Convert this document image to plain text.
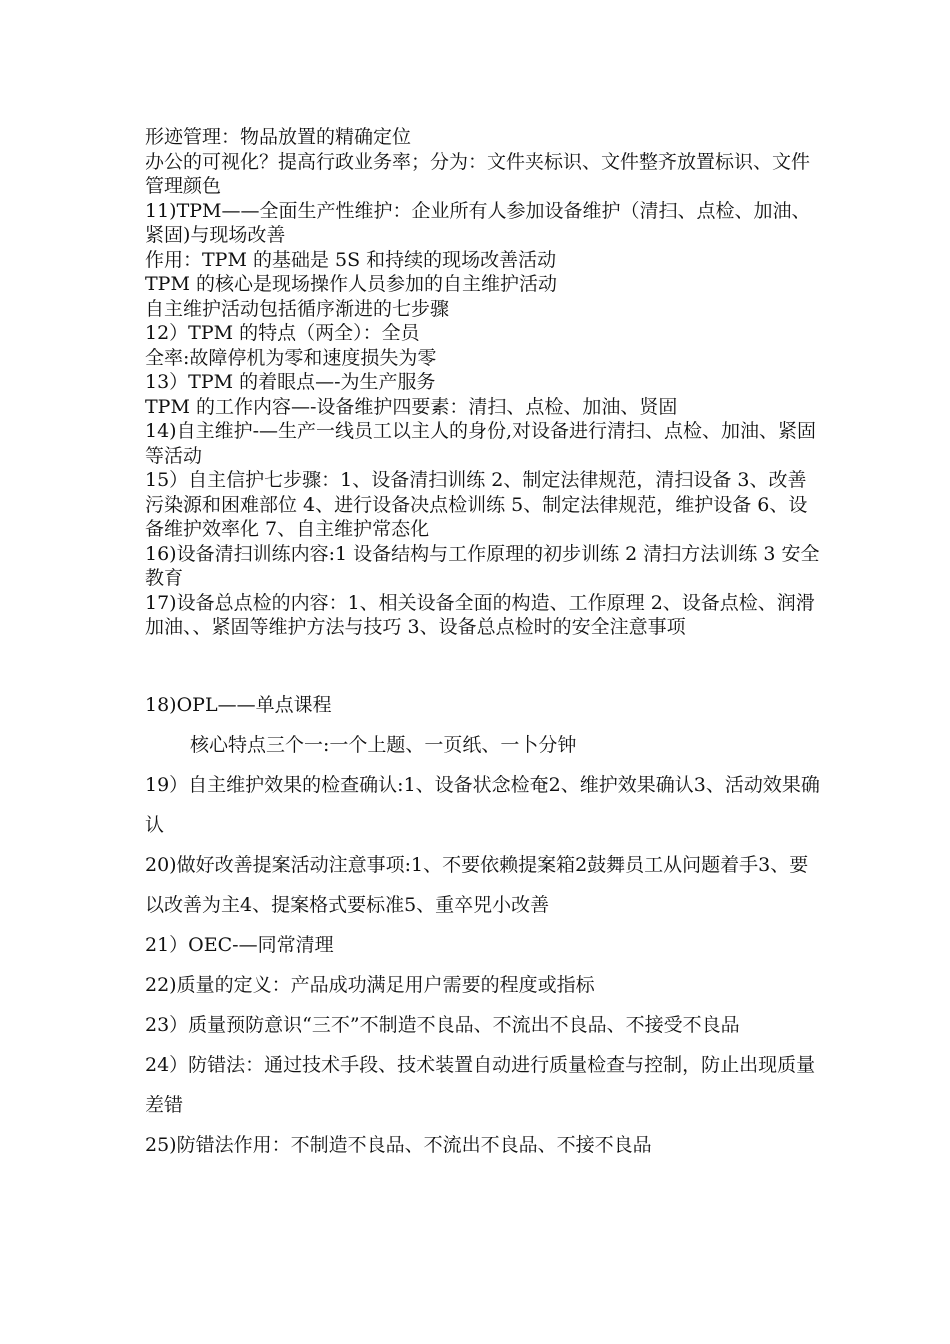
形迹管理：物品放置的精确定位

办公的可视化？提高行政业务率；分为：文件夹标识、文件整齐放置标识、文件管理颜色

11)TPM——全面生产性维护：企业所有人参加设备维护（清扫、点检、加油、紧固)与现场改善

作用：TPM 的基础是 5S 和持续的现场改善活动

TPM 的核心是现场操作人员参加的自主维护活动

自主维护活动包括循序渐进的七步骤

12）TPM 的特点（两全）：全员

全率:故障停机为零和速度损失为零

13）TPM 的着眼点—-为生产服务

TPM 的工作内容—-设备维护四要素：清扫、点检、加油、贤固

14)自主维护-—生产一线员工以主人的身份,对设备进行清扫、点检、加油、紧固等活动

15）自主信护七步骤：1、设备清扫训练 2、制定法律规范，清扫设备 3、改善污染源和困难部位 4、进行设备决点检训练 5、制定法律规范，维护设备 6、设备维护效率化 7、自主维护常态化

16)设备清扫训练内容:1 设备结构与工作原理的初步训练 2 清扫方法训练 3 安全教育

17)设备总点检的内容：1、相关设备全面的构造、工作原理 2、设备点检、润滑加油、、紧固等维护方法与技巧 3、设备总点检时的安全注意事项

18)OPL——单点课程

核心特点三个一:一个上题、一页纸、一卜分钟

19）自主维护效果的检查确认:1、设备状念检奄2、维护效果确认3、活动效果确认

20)做好改善提案活动注意事项:1、不要依赖提案箱2鼓舞员工从问题着手3、要以改善为主4、提案格式要标准5、重卒兕小改善

21）OEC-—同常清理

22)质量的定义：产品成功满足用户需要的程度或指标

23）质量预防意识“三不”不制造不良品、不流出不良品、不接受不良品

24）防错法：通过技术手段、技术装置自动进行质量检查与控制，防止出现质量差错

25)防错法作用：不制造不良品、不流出不良品、不接不良品
